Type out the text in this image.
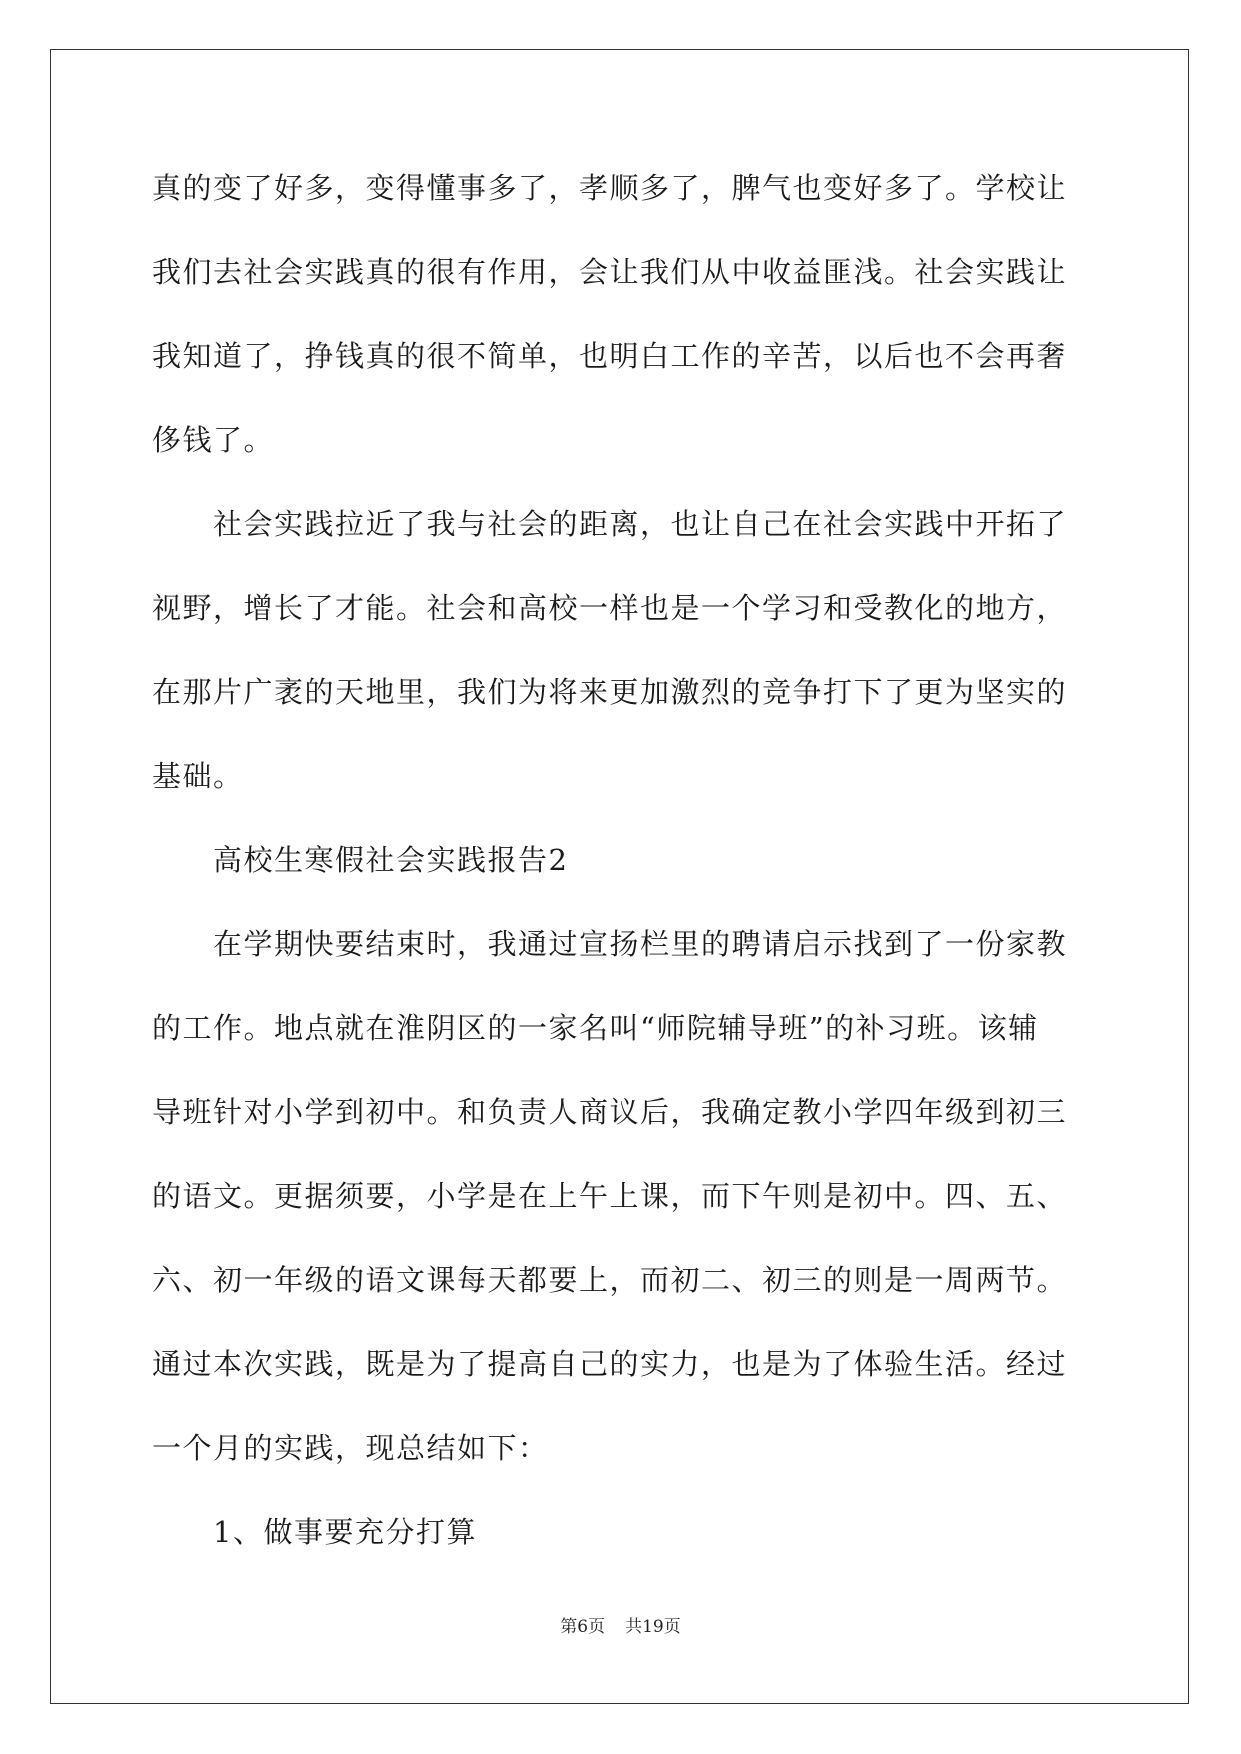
真的变了好多，变得懂事多了，孝顺多了，脾气也变好多了。学校让
我们去社会实践真的很有作用，会让我们从中收益匪浅。社会实践让
我知道了，挣钱真的很不简单，也明白工作的辛苦，以后也不会再奢
侈钱了。
　　社会实践拉近了我与社会的距离，也让自己在社会实践中开拓了
视野，增长了才能。社会和高校一样也是一个学习和受教化的地方，
在那片广袤的天地里，我们为将来更加激烈的竞争打下了更为坚实的
基础。
　　高校生寒假社会实践报告2
　　在学期快要结束时，我通过宣扬栏里的聘请启示找到了一份家教
的工作。地点就在淮阴区的一家名叫“师院辅导班”的补习班。该辅
导班针对小学到初中。和负责人商议后，我确定教小学四年级到初三
的语文。更据须要，小学是在上午上课，而下午则是初中。四、五、
六、初一年级的语文课每天都要上，而初二、初三的则是一周两节。
通过本次实践，既是为了提高自己的实力，也是为了体验生活。经过
一个月的实践，现总结如下：
　　1、做事要充分打算
第6页 共19页
